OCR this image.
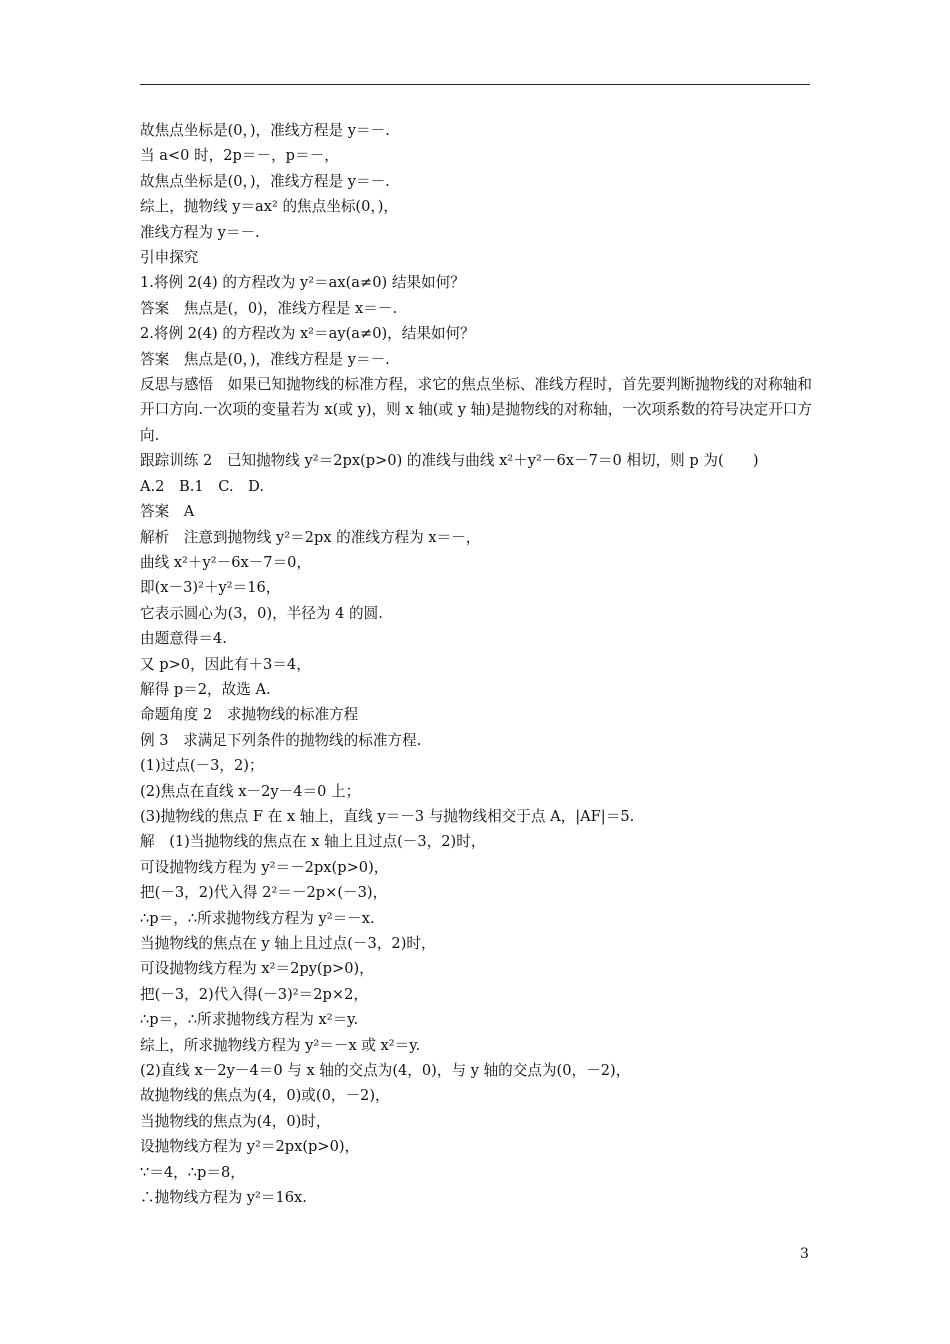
故焦点坐标是(0，)，准线方程是 y＝－.
当 a<0 时，2p＝－，p＝－，
故焦点坐标是(0，)，准线方程是 y＝－.
综上，抛物线 y＝ax² 的焦点坐标(0，)，
准线方程为 y＝－.
引申探究
1.将例 2(4) 的方程改为 y²＝ax(a≠0) 结果如何？
答案　焦点是(，0)，准线方程是 x＝－.
2.将例 2(4) 的方程改为 x²＝ay(a≠0)，结果如何？
答案　焦点是(0，)，准线方程是 y＝－.
反思与感悟　如果已知抛物线的标准方程，求它的焦点坐标、准线方程时，首先要判断抛物线的对称轴和开口方向.一次项的变量若为 x(或 y)，则 x 轴(或 y 轴)是抛物线的对称轴，一次项系数的符号决定开口方向.
跟踪训练 2　已知抛物线 y²＝2px(p>0) 的准线与曲线 x²＋y²－6x－7＝0 相切，则 p 为(　　)
A.2　B.1　C.　D.
答案　A
解析　注意到抛物线 y²＝2px 的准线方程为 x＝－，
曲线 x²＋y²－6x－7＝0，
即(x－3)²＋y²＝16，
它表示圆心为(3，0)，半径为 4 的圆.
由题意得＝4.
又 p>0，因此有＋3＝4，
解得 p＝2，故选 A.
命题角度 2　求抛物线的标准方程
例 3　求满足下列条件的抛物线的标准方程.
(1)过点(－3，2)；
(2)焦点在直线 x－2y－4＝0 上；
(3)抛物线的焦点 F 在 x 轴上，直线 y＝－3 与抛物线相交于点 A，|AF|＝5.
解　(1)当抛物线的焦点在 x 轴上且过点(－3，2)时，
可设抛物线方程为 y²＝－2px(p>0)，
把(－3，2)代入得 2²＝－2p×(－3)，
∴p＝，∴所求抛物线方程为 y²＝－x.
当抛物线的焦点在 y 轴上且过点(－3，2)时，
可设抛物线方程为 x²＝2py(p>0)，
把(－3，2)代入得(－3)²＝2p×2，
∴p＝，∴所求抛物线方程为 x²＝y.
综上，所求抛物线方程为 y²＝－x 或 x²＝y.
(2)直线 x－2y－4＝0 与 x 轴的交点为(4，0)，与 y 轴的交点为(0，－2)，
故抛物线的焦点为(4，0)或(0，－2)，
当抛物线的焦点为(4，0)时，
设抛物线方程为 y²＝2px(p>0)，
∵＝4，∴p＝8，
∴抛物线方程为 y²＝16x.
3
